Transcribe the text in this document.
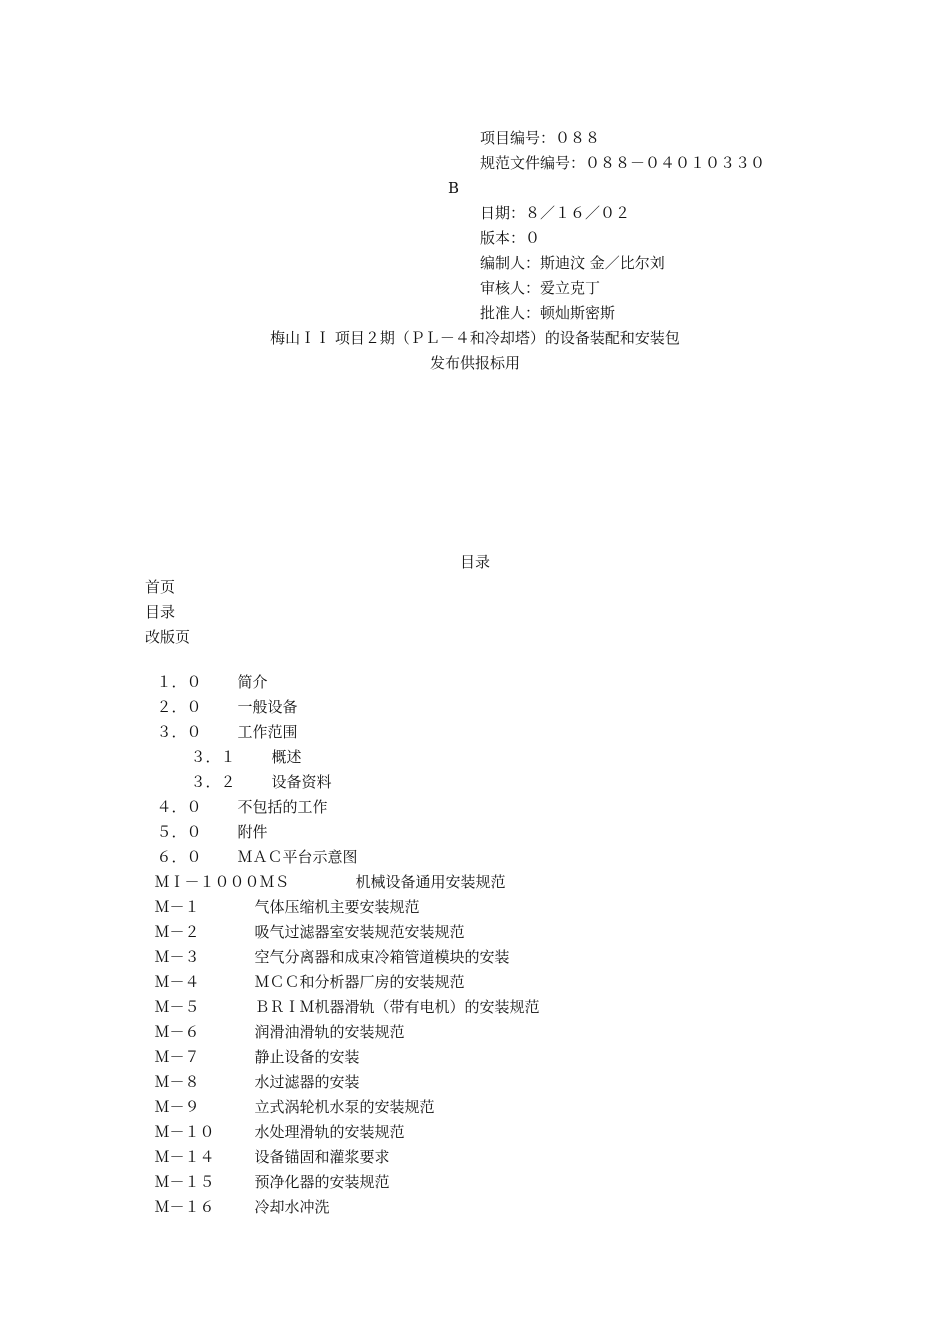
项目编号：０８８
规范文件编号：０８８－０４０１０３３０
B
日期：８／１６／０２
版本：０
编制人：斯迪汶 金／比尔刘
审核人：爱立克丁
批准人：顿灿斯密斯
梅山ＩＩ 项目２期（ＰＬ－４和冷却塔）的设备装配和安装包
发布供报标用
目录
首页
目录
改版页

１．０ 简介

２．０ 一般设备

３．０ 工作范围

３．１ 概述

３．２ 设备资料

４．０ 不包括的工作

５．０ 附件

６．０ ＭＡＣ平台示意图

ＭＩ－１０００ＭＳ	机械设备通用安装规范

Ｍ－１	气体压缩机主要安装规范

Ｍ－２	吸气过滤器室安装规范安装规范

Ｍ－３	空气分离器和成束冷箱管道模块的安装

Ｍ－４	ＭＣＣ和分析器厂房的安装规范

Ｍ－５	ＢＲＩＭ机器滑轨（带有电机）的安装规范

Ｍ－６	润滑油滑轨的安装规范

Ｍ－７	静止设备的安装

Ｍ－８	水过滤器的安装

Ｍ－９	立式涡轮机水泵的安装规范

Ｍ－１０	水处理滑轨的安装规范

Ｍ－１４	设备锚固和灌浆要求

Ｍ－１５	预净化器的安装规范

Ｍ－１６	冷却水冲洗
